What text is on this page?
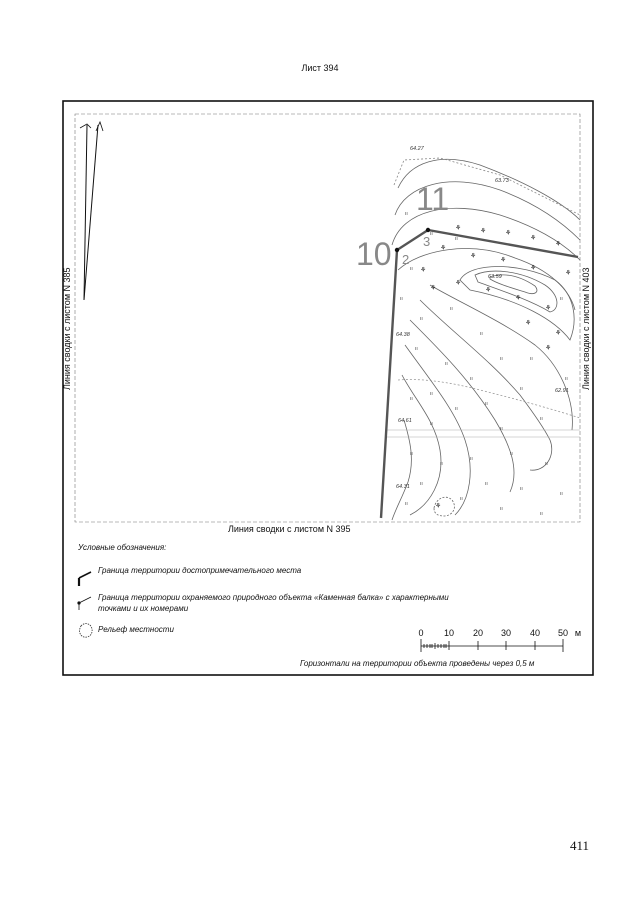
Лист 394
ıı
ıı
ıı
ıı
ıı
ıı
ıı
ıı
ıı
ıı
ıı
ıı
ıı
ıı
ıı
ıı
ıı
ıı
ıı
ıı
ıı	ıı
ıı
ıı
ıı
ıı
ıı
ıı
ıı
ıı
ıı
ıı
ıı
ıı
ıı
ıı
⚘	⚘	⚘
⚘
⚘
⚘
⚘	⚘
⚘
⚘
⚘
⚘
⚘
⚘
⚘
⚘
⚘
⚘
⚘
⚘
10
11
2
3
64.27
63.73
63.59
64.38
64.61
64.31
62.91
0 10 20 30 40 50 м
Линия сводки с листом N 385	Линия сводки с листом N 403
Линия сводки с листом N 395
Условные обозначения:
Граница территории достопримечательного места
Граница территории охраняемого природного объекта «Каменная балка» с характерными
точками и их номерами
Рельеф местности
Горизонтали на территории объекта проведены через 0,5 м
411
